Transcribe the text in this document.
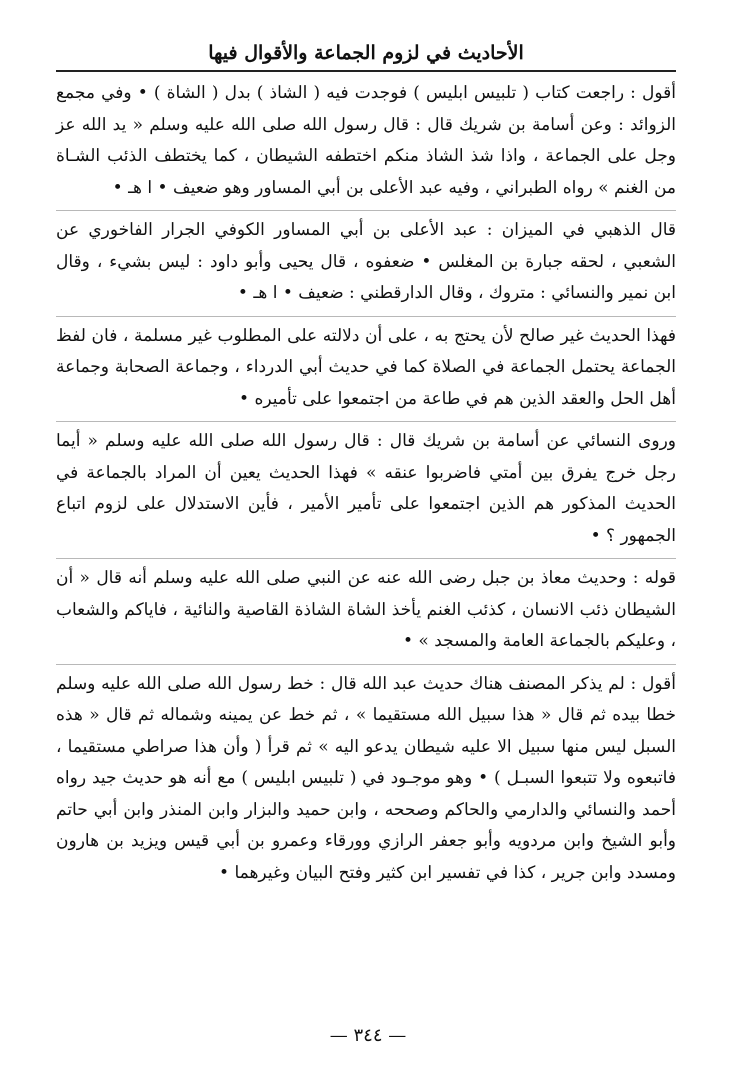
الأحاديث في لزوم الجماعة والأقوال فيها

أقول : راجعت كتاب ( تلبيس ابليس ) فوجدت فيه ( الشاذ ) بدل ( الشاة ) • وفي مجمع الزوائد : وعن أسامة بن شريك قال : قال رسول الله صلى الله عليه وسلم « يد الله عز وجل على الجماعة ، واذا شذ الشاذ منكم اختطفه الشيطان ، كما يختطف الذئب الشـاة من الغنم » رواه الطبراني ، وفيه عبد الأعلى بن أبي المساور وهو ضعيف • ا هـ •

قال الذهبي في الميزان : عبد الأعلى بن أبي المساور الكوفي الجرار الفاخوري عن الشعبي ، لحقه جبارة بن المغلس • ضعفوه ، قال يحيى وأبو داود : ليس بشيء ، وقال ابن نمير والنسائي : متروك ، وقال الدارقطني : ضعيف • ا هـ •

فهذا الحديث غير صالح لأن يحتج به ، على أن دلالته على المطلوب غير مسلمة ، فان لفظ الجماعة يحتمل الجماعة في الصلاة كما في حديث أبي الدرداء ، وجماعة الصحابة وجماعة أهل الحل والعقد الذين هم في طاعة من اجتمعوا على تأميره •

وروى النسائي عن أسامة بن شريك قال : قال رسول الله صلى الله عليه وسلم « أيما رجل خرج يفرق بين أمتي فاضربوا عنقه » فهذا الحديث يعين أن المراد بالجماعة في الحديث المذكور هم الذين اجتمعوا على تأمير الأمير ، فأين الاستدلال على لزوم اتباع الجمهور ؟ •

قوله : وحديث معاذ بن جبل رضى الله عنه عن النبي صلى الله عليه وسلم أنه قال « أن الشيطان ذئب الانسان ، كذئب الغنم يأخذ الشاة الشاذة القاصية والنائية ، فاياكم والشعاب ، وعليكم بالجماعة العامة والمسجد » •

أقول : لم يذكر المصنف هناك حديث عبد الله قال : خط رسول الله صلى الله عليه وسلم خطا بيده ثم قال « هذا سبيل الله مستقيما » ، ثم خط عن يمينه وشماله ثم قال « هذه السبل ليس منها سبيل الا عليه شيطان يدعو اليه » ثم قرأ ( وأن هذا صراطي مستقيما ، فاتبعوه ولا تتبعوا السبـل ) • وهو موجـود في ( تلبيس ابليس ) مع أنه هو حديث جيد رواه أحمد والنسائي والدارمي والحاكم وصححه ، وابن حميد والبزار وابن المنذر وابن أبي حاتم وأبو الشيخ وابن مردويه وأبو جعفر الرازي وورقاء وعمرو بن أبي قيس ويزيد بن هارون ومسدد وابن جرير ، كذا في تفسير ابن كثير وفتح البيان وغيرهما •

— ٣٤٤ —
